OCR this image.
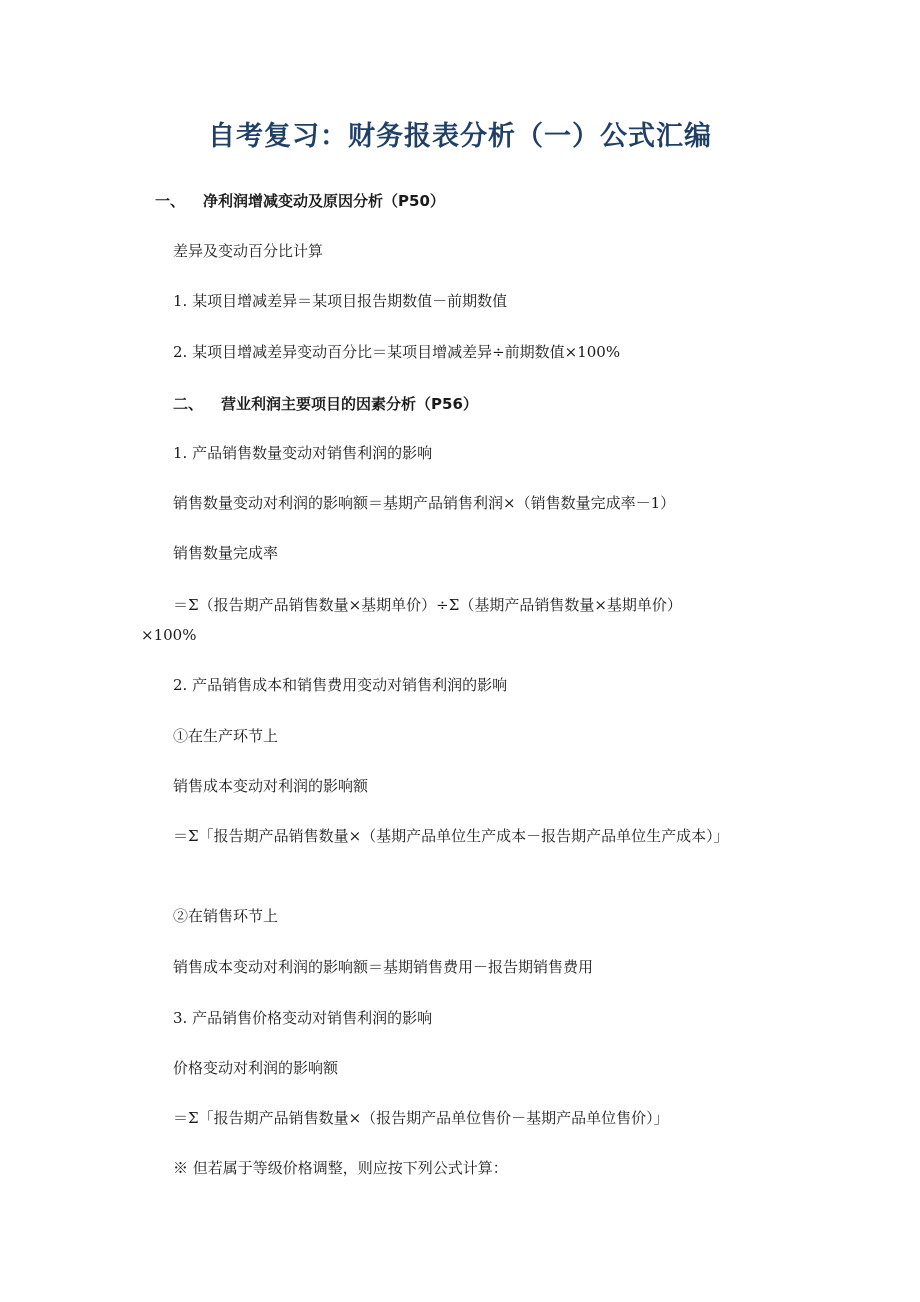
自考复习：财务报表分析（一）公式汇编
一、 净利润增减变动及原因分析（P50）
差异及变动百分比计算
1. 某项目增减差异＝某项目报告期数值－前期数值
2. 某项目增减差异变动百分比＝某项目增减差异÷前期数值×100%
二、 营业利润主要项目的因素分析（P56）
1. 产品销售数量变动对销售利润的影响
销售数量变动对利润的影响额＝基期产品销售利润×（销售数量完成率－1）
销售数量完成率
＝Σ（报告期产品销售数量×基期单价）÷Σ（基期产品销售数量×基期单价）
×100%
2. 产品销售成本和销售费用变动对销售利润的影响
①在生产环节上
销售成本变动对利润的影响额
＝Σ「报告期产品销售数量×（基期产品单位生产成本－报告期产品单位生产成本）」
②在销售环节上
销售成本变动对利润的影响额＝基期销售费用－报告期销售费用
3. 产品销售价格变动对销售利润的影响
价格变动对利润的影响额
＝Σ「报告期产品销售数量×（报告期产品单位售价－基期产品单位售价）」
※ 但若属于等级价格调整，则应按下列公式计算：
